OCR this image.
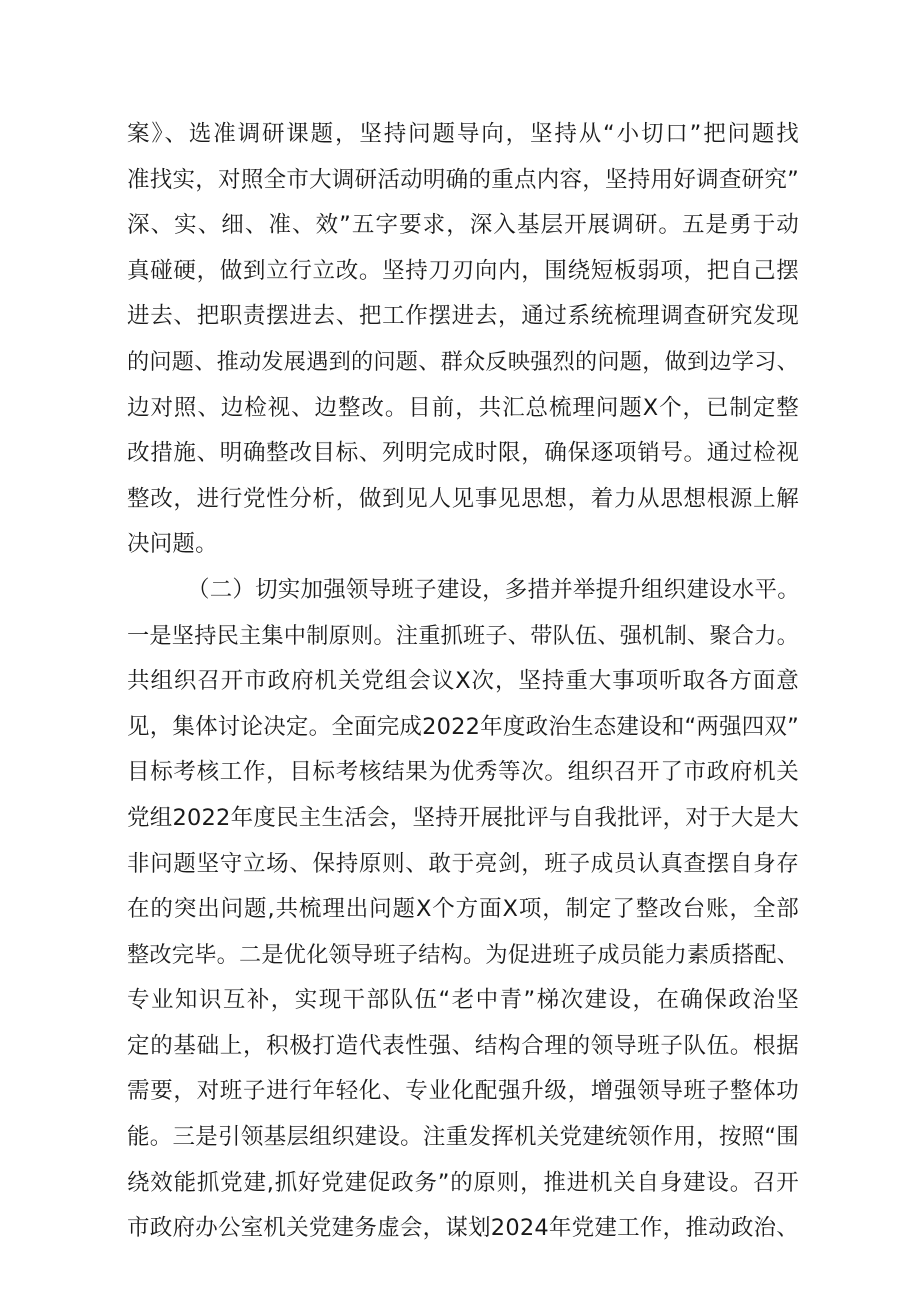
案》、选准调研课题，坚持问题导向，坚持从“小切口”把问题找
准找实，对照全市大调研活动明确的重点内容，坚持用好调查研究”
深、实、细、准、效”五字要求，深入基层开展调研。五是勇于动
真碰硬，做到立行立改。坚持刀刃向内，围绕短板弱项，把自己摆
进去、把职责摆进去、把工作摆进去，通过系统梳理调查研究发现
的问题、推动发展遇到的问题、群众反映强烈的问题，做到边学习、
边对照、边检视、边整改。目前，共汇总梳理问题X个，已制定整
改措施、明确整改目标、列明完成时限，确保逐项销号。通过检视
整改，进行党性分析，做到见人见事见思想，着力从思想根源上解
决问题。
（二）切实加强领导班子建设，多措并举提升组织建设水平。
一是坚持民主集中制原则。注重抓班子、带队伍、强机制、聚合力。
共组织召开市政府机关党组会议X次，坚持重大事项听取各方面意
见，集体讨论决定。全面完成2022年度政治生态建设和“两强四双”
目标考核工作，目标考核结果为优秀等次。组织召开了市政府机关
党组2022年度民主生活会，坚持开展批评与自我批评，对于大是大
非问题坚守立场、保持原则、敢于亮剑，班子成员认真查摆自身存
在的突出问题,共梳理出问题X个方面X项，制定了整改台账，全部
整改完毕。二是优化领导班子结构。为促进班子成员能力素质搭配、
专业知识互补，实现干部队伍“老中青”梯次建设，在确保政治坚
定的基础上，积极打造代表性强、结构合理的领导班子队伍。根据
需要，对班子进行年轻化、专业化配强升级，增强领导班子整体功
能。三是引领基层组织建设。注重发挥机关党建统领作用，按照“围
绕效能抓党建,抓好党建促政务”的原则，推进机关自身建设。召开
市政府办公室机关党建务虚会，谋划2024年党建工作，推动政治、
